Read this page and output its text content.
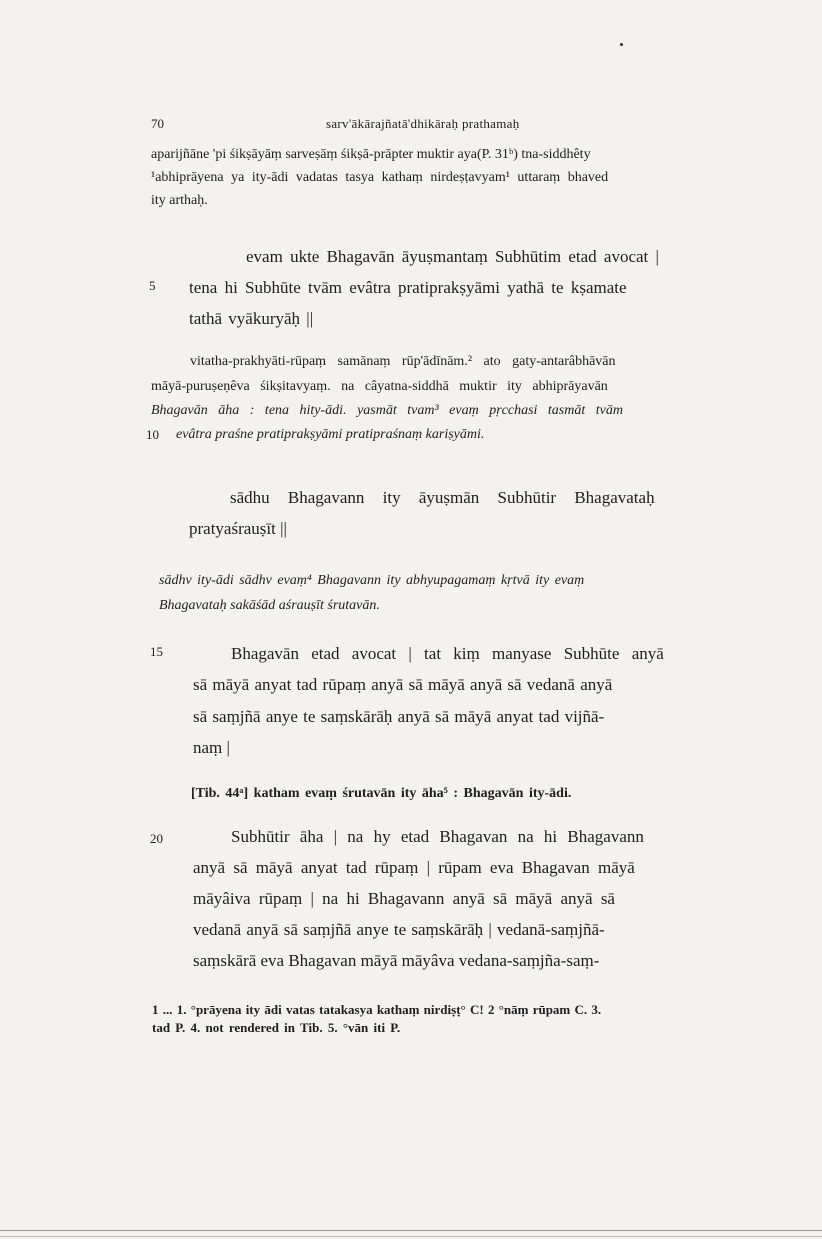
70	sarv'ākārajñatā'dhikāraḥ prathamaḥ
aparijñāne 'pi śikṣāyāṃ sarveṣāṃ śikṣā-prāpter muktir aya(P. 31ᵇ) tna-siddhêty
¹abhiprāyena ya ity-ādi vadatas tasya kathaṃ nirdeṣṭavyam¹ uttaraṃ bhaved
ity arthaḥ.
5
evam ukte Bhagavān āyuṣmantaṃ Subhūtim etad avocat |
tena hi Subhūte tvām evâtra pratiprakṣyāmi yathā te kṣamate
tathā vyākuryāḥ ||
vitatha-prakhyāti-rūpaṃ samānaṃ rūp'ādīnām.² ato gaty-antarâbhāvān
māyā-puruṣeṇêva śikṣitavyaṃ. na câyatna-siddhā muktir ity abhiprāyavān
Bhagavān āha : tena hity-ādi. yasmāt tvam³ evaṃ pṛcchasi tasmāt tvām
10 evâtra praśne pratiprakṣyāmi pratipraśnaṃ kariṣyāmi.
sādhu Bhagavann ity āyuṣmān Subhūtir Bhagavataḥ
pratyaśrauṣīt ||
sādhv ity-ādi sādhv evaṃ⁴ Bhagavann ity abhyupagamaṃ kṛtvā ity evaṃ
Bhagavataḥ sakāśād aśrauṣīt śrutavān.
15	Bhagavān etad avocat | tat kiṃ manyase Subhūte anyā
sā māyā anyat tad rūpaṃ anyā sā māyā anyā sā vedanā anyā
sā saṃjñā anye te saṃskārāḥ anyā sā māyā anyat tad vijñā-
naṃ |
[Tib. 44ᵃ] katham evaṃ śrutavān ity āha⁵ : Bhagavān ity-ādi.
20	Subhūtir āha | na hy etad Bhagavan na hi Bhagavann
anyā sā māyā anyat tad rūpaṃ | rūpam eva Bhagavan māyā
māyâiva rūpaṃ | na hi Bhagavann anyā sā māyā anyā sā
vedanā anyā sā saṃjñā anye te saṃskārāḥ | vedanā-saṃjñā-
saṃskārā eva Bhagavan māyā māyâva vedana-saṃjña-saṃ-
1 ... 1. °prāyena ity ādi vatas tatakasya kathaṃ nirdiṣṭ° C! 2 °nāṃ rūpam C. 3.
tad P. 4. not rendered in Tib. 5. °vān iti P.
